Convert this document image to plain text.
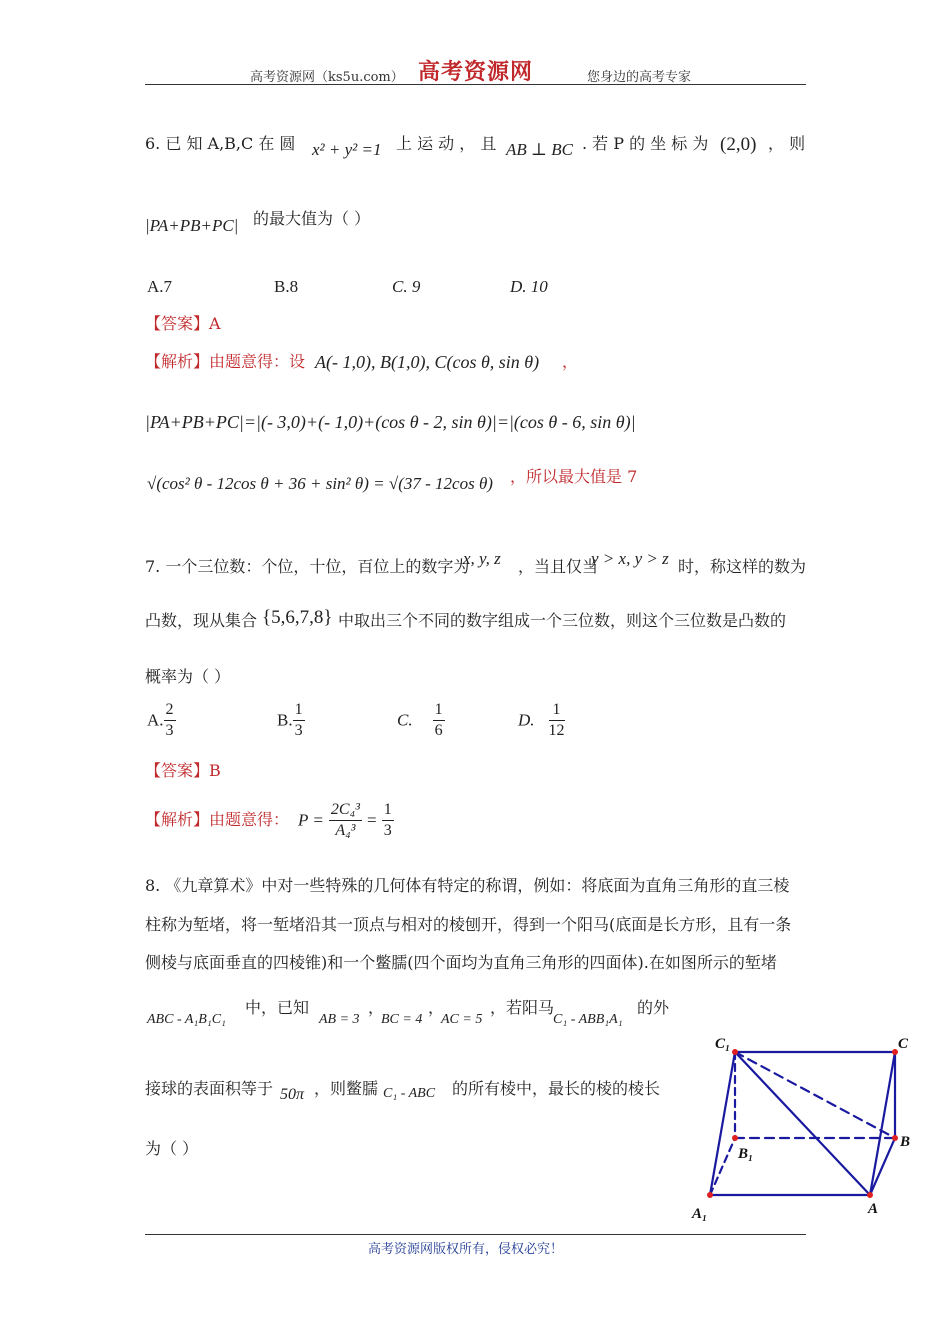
高考资源网（ks5u.com） 高考资源网	您身边的高考专家
6. 已 知 A,B,C 在 圆 x² + y² =1 上 运 动 ， 且 AB ⊥ BC . 若 P 的 坐 标 为 (2,0) ， 则
|PA+PB+PC| 的最大值为（ ）
A.7	B.8	C. 9	D. 10
【答案】A
【解析】由题意得：设 A(- 1,0), B(1,0), C(cos θ, sin θ) ，
|PA+PB+PC|=|(- 3,0)+(- 1,0)+(cos θ - 2, sin θ)|=|(cos θ - 6, sin θ)|
√(cos² θ - 12cos θ + 36 + sin² θ) = √(37 - 12cos θ) ，所以最大值是 7
7. 一个三位数：个位，十位，百位上的数字为
x, y, z ，当且仅当
y > x, y > z 时，称这样的数为
凸数，现从集合 {5,6,7,8} 中取出三个不同的数字组成一个三位数，则这个三位数是凸数的
概率为（ ）
A. $\frac{2}{3}$	B. $\frac{1}{3}$	C. $\frac{1}{6}$	D. $\frac{1}{12}$
【答案】B
【解析】由题意得： $P = \frac{\text{2C₄³}}{\text{A₄³}} = \frac{1}{3}$
8. 《九章算术》中对一些特殊的几何体有特定的称谓，例如：将底面为直角三角形的直三棱
柱称为堑堵，将一堑堵沿其一顶点与相对的棱刨开，得到一个阳马(底面是长方形，且有一条
侧棱与底面垂直的四棱锥)和一个鳖臑(四个面均为直角三角形的四面体).在如图所示的堑堵
ABC - A₁B₁C₁
中，已知
AB = 3
，
BC = 4
，
AC = 5
，若阳马
C₁ - ABB₁A₁
的外
接球的表面积等于 50π ，则鳖臑 C₁ - ABC 的所有棱中，最长的棱的棱长
为（ ）
C₁	C
B
B₁
A₁	A
高考资源网版权所有，侵权必究！
